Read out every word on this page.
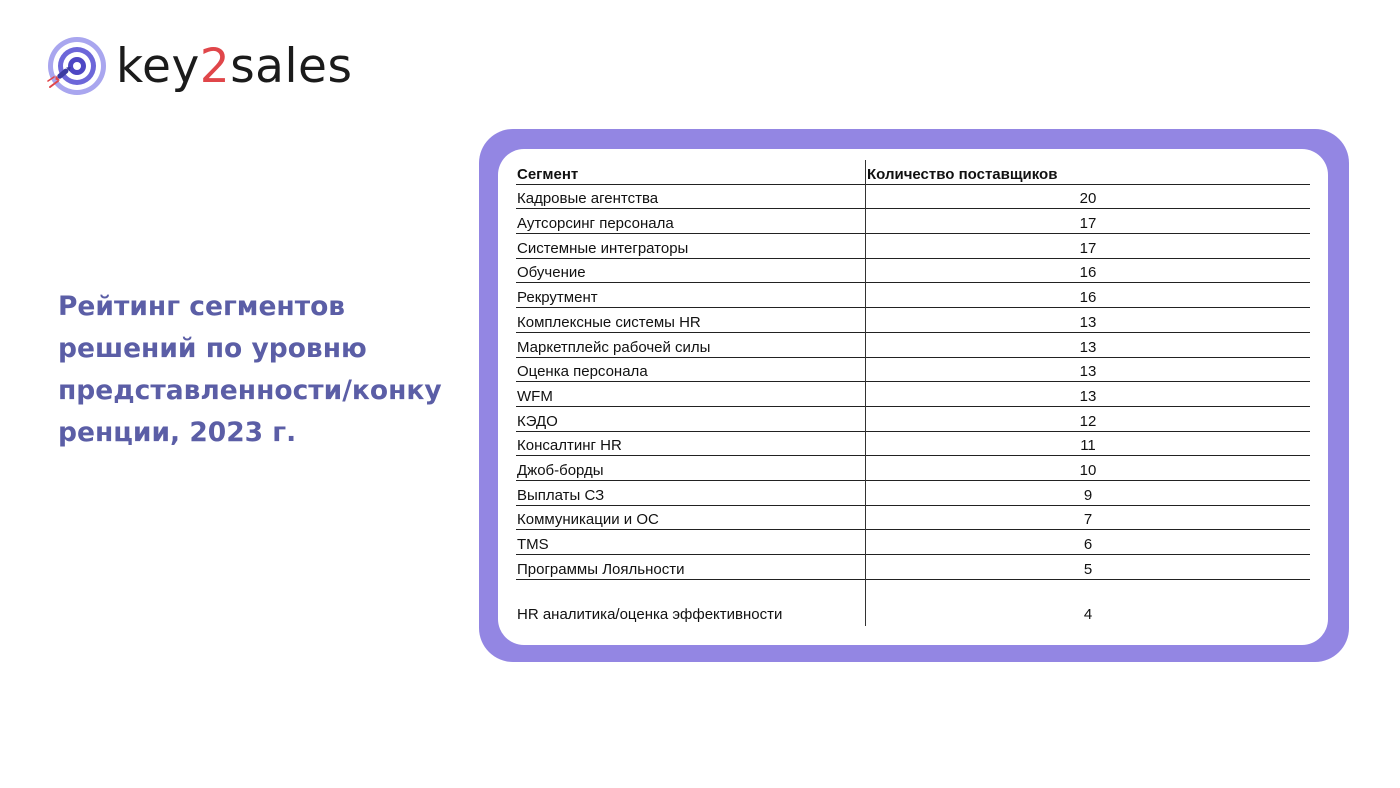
key2sales
Рейтинг сегментов
решений по уровню
представленности/конку
ренции, 2023 г.
Сегмент	Количество поставщиков
Кадровые агентства	20
Аутсорсинг персонала	17
Системные интеграторы	17
Обучение	16
Рекрутмент	16
Комплексные системы HR	13
Маркетплейс рабочей силы	13
Оценка персонала	13
WFM	13
КЭДО	12
Консалтинг HR	11
Джоб-борды	10
Выплаты СЗ	9
Коммуникации и ОС	7
TMS	6
Программы Лояльности	5
HR аналитика/оценка эффективности	4
